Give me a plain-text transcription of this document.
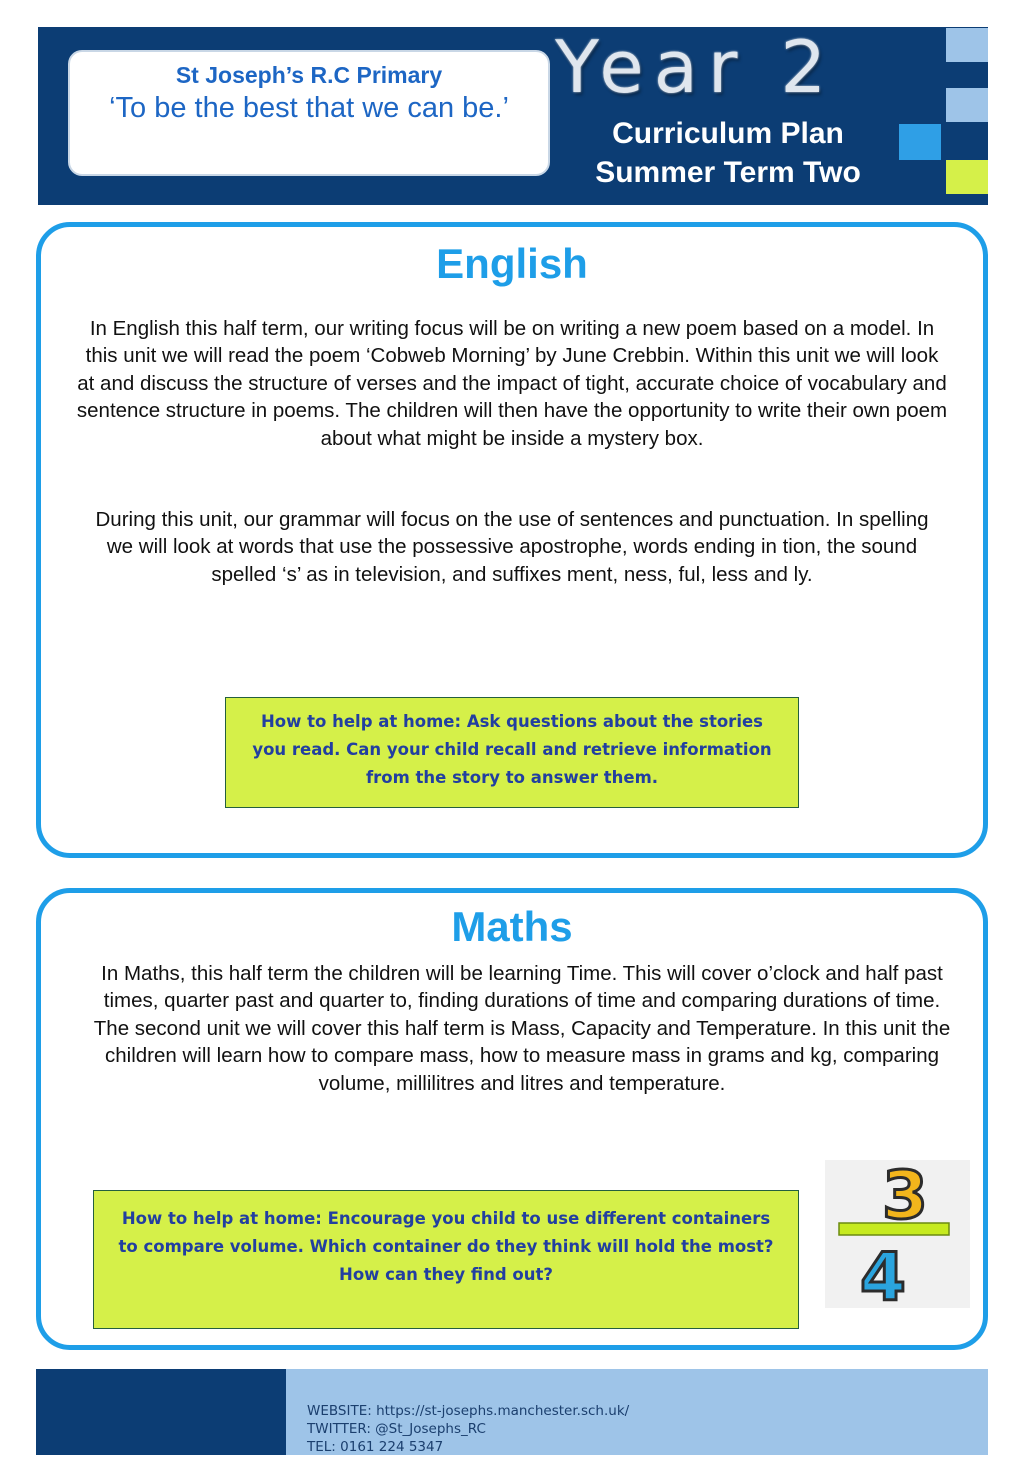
St Joseph’s R.C Primary
‘To be the best that we can be.’ Year 2
Curriculum Plan
Summer Term Two
English
In English this half term, our writing focus will be on writing a new poem based on a model. In this unit we will read the poem ‘Cobweb Morning’ by June Crebbin. Within this unit we will look at and discuss the structure of verses and the impact of tight, accurate choice of vocabulary and sentence structure in poems. The children will then have the opportunity to write their own poem about what might be inside a mystery box.
During this unit, our grammar will focus on the use of sentences and punctuation. In spelling we will look at words that use the possessive apostrophe, words ending in tion, the sound spelled ‘s’ as in television, and suffixes ment, ness, ful, less and ly.
How to help at home: Ask questions about the stories you read. Can your child recall and retrieve information from the story to answer them.
Maths
In Maths, this half term the children will be learning Time. This will cover o’clock and half past times, quarter past and quarter to, finding durations of time and comparing durations of time. The second unit we will cover this half term is Mass, Capacity and Temperature. In this unit the children will learn how to compare mass, how to measure mass in grams and kg, comparing volume, millilitres and litres and temperature.
How to help at home: Encourage you child to use different containers to compare volume. Which container do they think will hold the most? How can they find out?
3
4
WEBSITE: https://st-josephs.manchester.sch.uk/
TWITTER: @St_Josephs_RC
TEL: 0161 224 5347
